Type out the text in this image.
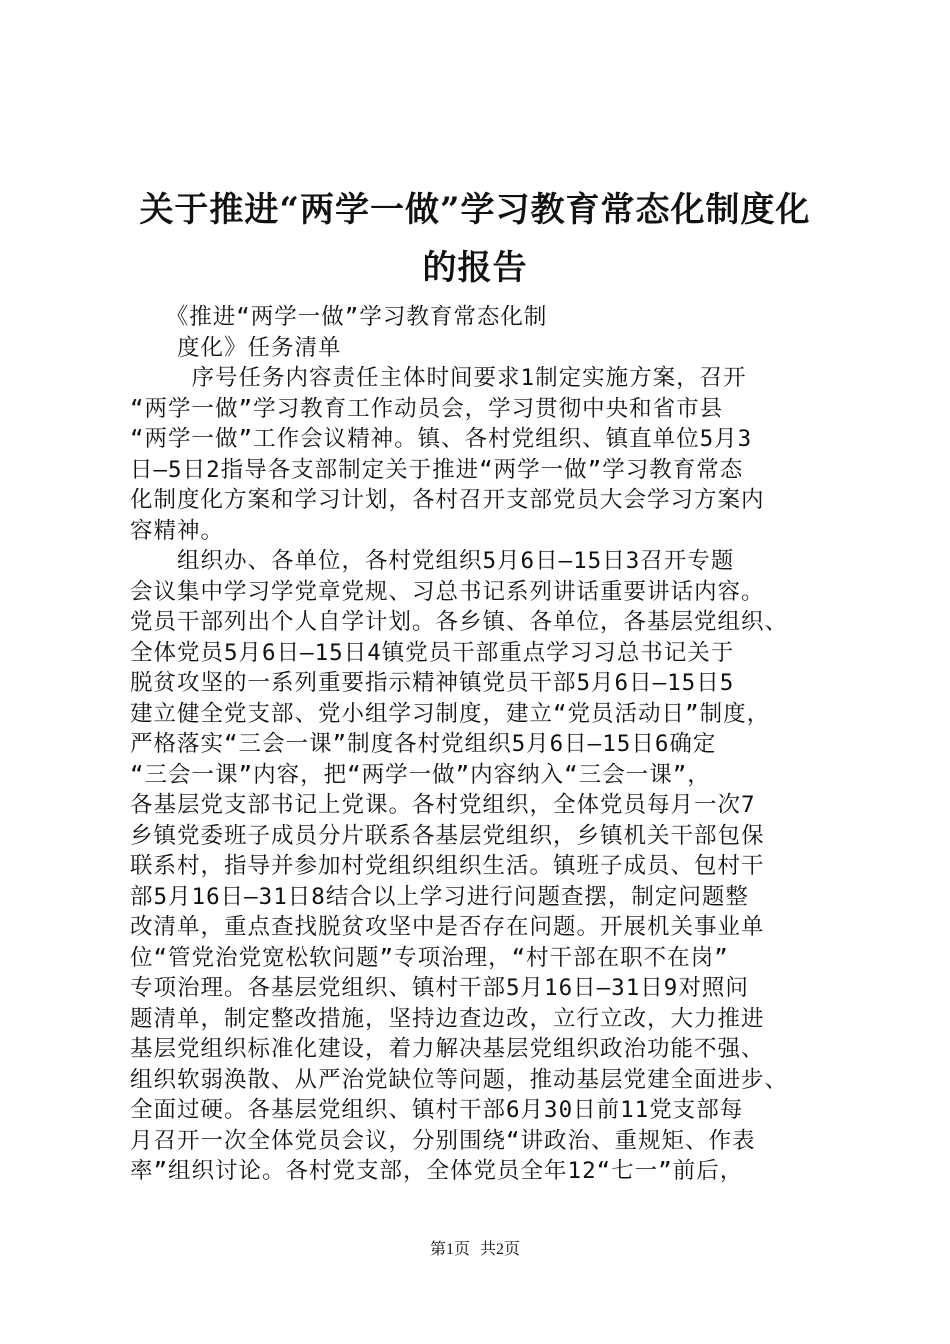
关于推进“两学一做”学习教育常态化制度化
的报告
　　《推进“两学一做”学习教育常态化制
　　度化》任务清单
　　 序号任务内容责任主体时间要求1制定实施方案，召开
“两学一做”学习教育工作动员会，学习贯彻中央和省市县
“两学一做”工作会议精神。镇、各村党组织、镇直单位5月3
日—5日2指导各支部制定关于推进“两学一做”学习教育常态
化制度化方案和学习计划，各村召开支部党员大会学习方案内
容精神。
　　组织办、各单位，各村党组织5月6日—15日3召开专题
会议集中学习学党章党规、习总书记系列讲话重要讲话内容。
党员干部列出个人自学计划。各乡镇、各单位，各基层党组织、
全体党员5月6日—15日4镇党员干部重点学习习总书记关于
脱贫攻坚的一系列重要指示精神镇党员干部5月6日—15日5
建立健全党支部、党小组学习制度，建立“党员活动日”制度，
严格落实“三会一课”制度各村党组织5月6日—15日6确定
“三会一课”内容，把“两学一做”内容纳入“三会一课”，
各基层党支部书记上党课。各村党组织，全体党员每月一次7
乡镇党委班子成员分片联系各基层党组织，乡镇机关干部包保
联系村，指导并参加村党组织组织生活。镇班子成员、包村干
部5月16日—31日8结合以上学习进行问题查摆，制定问题整
改清单，重点查找脱贫攻坚中是否存在问题。开展机关事业单
位“管党治党宽松软问题”专项治理，“村干部在职不在岗”
专项治理。各基层党组织、镇村干部5月16日—31日9对照问
题清单，制定整改措施，坚持边查边改，立行立改，大力推进
基层党组织标准化建设，着力解决基层党组织政治功能不强、
组织软弱涣散、从严治党缺位等问题，推动基层党建全面进步、
全面过硬。各基层党组织、镇村干部6月30日前11党支部每
月召开一次全体党员会议，分别围绕“讲政治、重规矩、作表
率”组织讨论。各村党支部，全体党员全年12“七一”前后，
第1页 共2页
